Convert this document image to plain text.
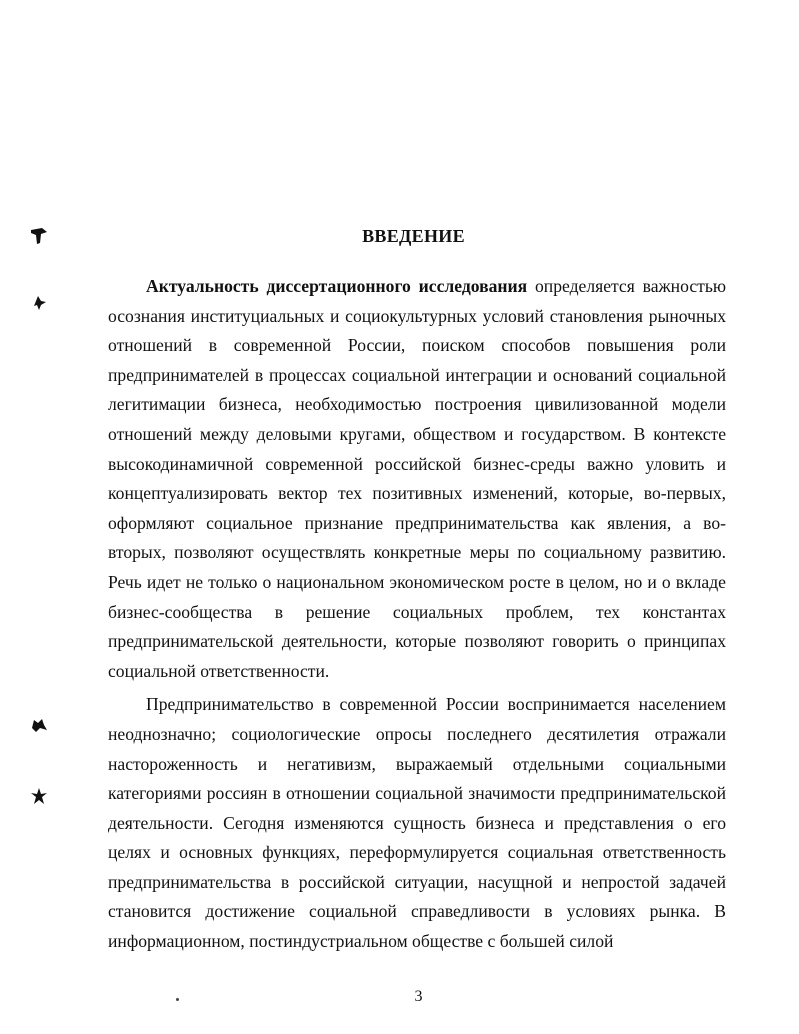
ВВЕДЕНИЕ

Актуальность диссертационного исследования определяется важностью осознания институциальных и социокультурных условий становления рыночных отношений в современной России, поиском способов повышения роли предпринимателей в процессах социальной интеграции и оснований социальной легитимации бизнеса, необходимостью построения цивилизованной модели отношений между деловыми кругами, обществом и государством. В контексте высокодинамичной современной российской бизнес-среды важно уловить и концептуализировать вектор тех позитивных изменений, которые, во-первых, оформляют социальное признание предпринимательства как явления, а во-вторых, позволяют осуществлять конкретные меры по социальному развитию. Речь идет не только о национальном экономическом росте в целом, но и о вкладе бизнес-сообщества в решение социальных проблем, тех константах предпринимательской деятельности, которые позволяют говорить о принципах социальной ответственности.

Предпринимательство в современной России воспринимается населением неоднозначно; социологические опросы последнего десятилетия отражали настороженность и негативизм, выражаемый отдельными социальными категориями россиян в отношении социальной значимости предпринимательской деятельности. Сегодня изменяются сущность бизнеса и представления о его целях и основных функциях, переформулируется социальная ответственность предпринимательства в российской ситуации, насущной и непростой задачей становится достижение социальной справедливости в условиях рынка. В информационном, постиндустриальном обществе с большей силой

3
